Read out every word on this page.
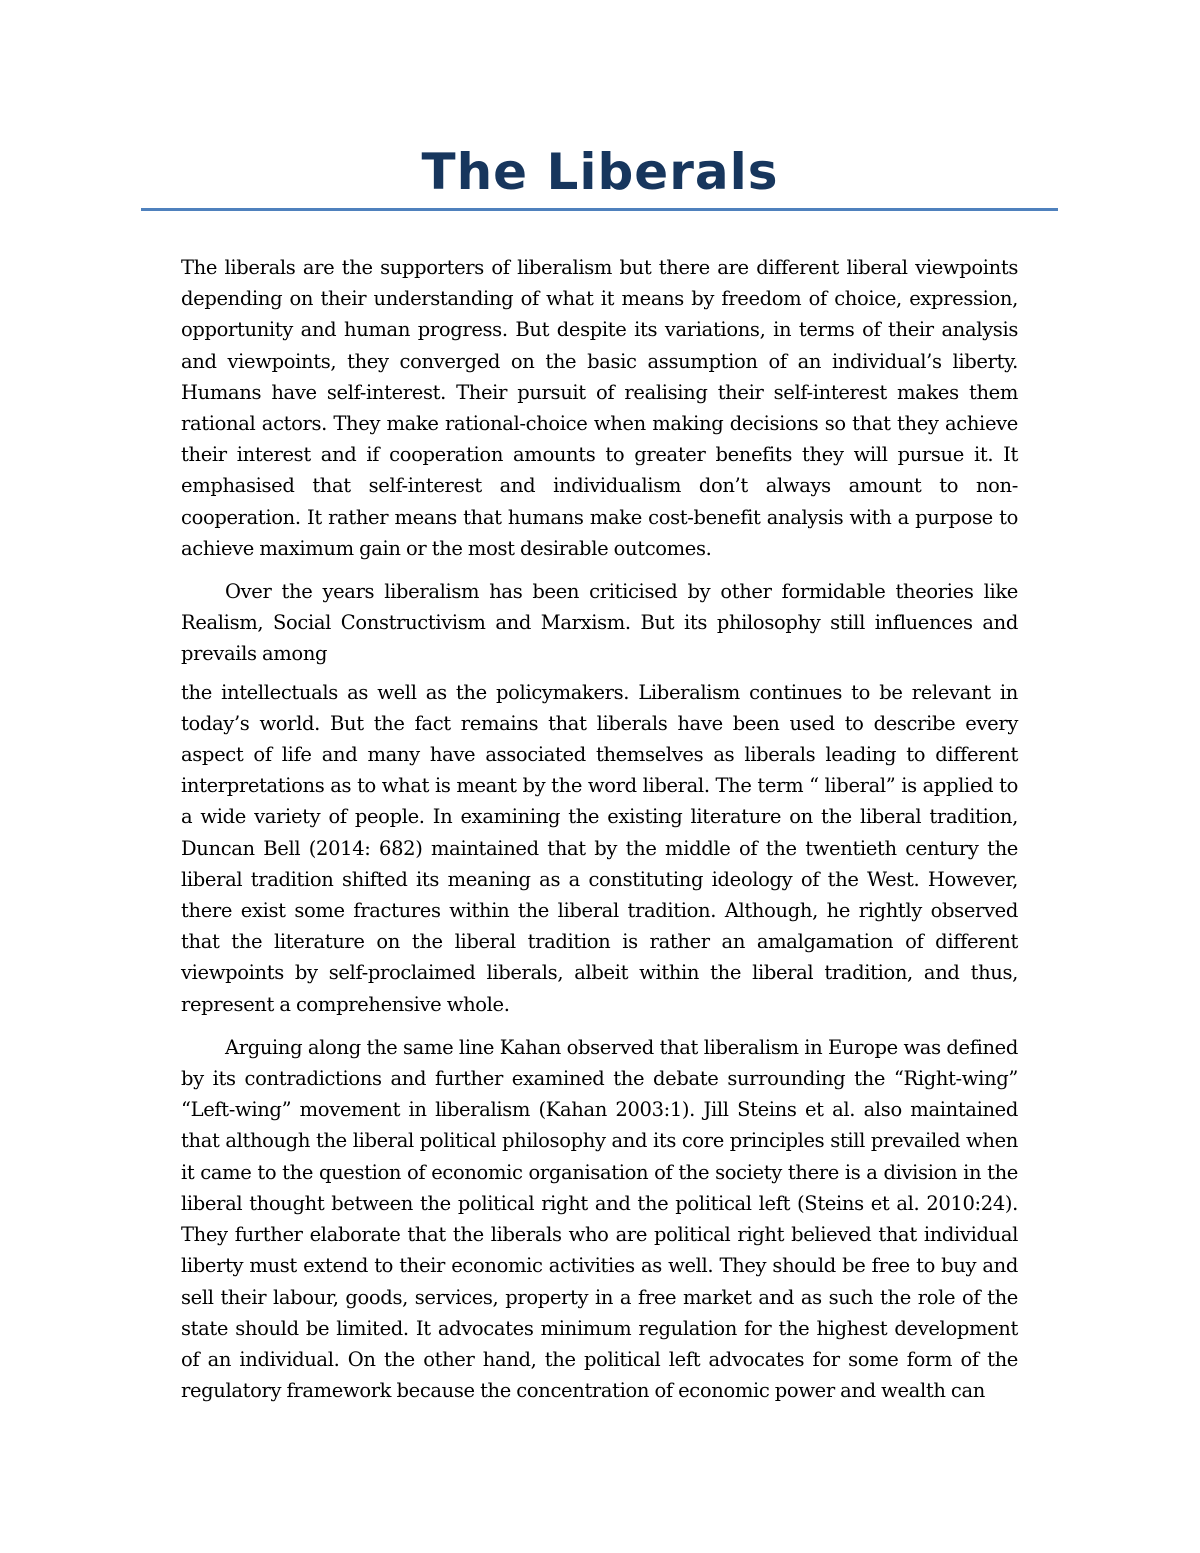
The Liberals

The liberals are the supporters of liberalism but there are different liberal viewpoints depending on their understanding of what it means by freedom of choice, expression, opportunity and human progress. But despite its variations, in terms of their analysis and viewpoints, they converged on the basic assumption of an individual’s liberty. Humans have self-interest. Their pursuit of realising their self-interest makes them rational actors. They make rational-choice when making decisions so that they achieve their interest and if cooperation amounts to greater benefits they will pursue it. It emphasised that self-interest and individualism don’t always amount to non-cooperation. It rather means that humans make cost-benefit analysis with a purpose to achieve maximum gain or the most desirable outcomes.

Over the years liberalism has been criticised by other formidable theories like Realism, Social Constructivism and Marxism. But its philosophy still influences and prevails among

the intellectuals as well as the policymakers. Liberalism continues to be relevant in today’s world. But the fact remains that liberals have been used to describe every aspect of life and many have associated themselves as liberals leading to different interpretations as to what is meant by the word liberal. The term “ liberal” is applied to a wide variety of people. In examining the existing literature on the liberal tradition, Duncan Bell (2014: 682) maintained that by the middle of the twentieth century the liberal tradition shifted its meaning as a constituting ideology of the West. However, there exist some fractures within the liberal tradition. Although, he rightly observed that the literature on the liberal tradition is rather an amalgamation of different viewpoints by self-proclaimed liberals, albeit within the liberal tradition, and thus, represent a comprehensive whole.

Arguing along the same line Kahan observed that liberalism in Europe was defined by its contradictions and further examined the debate surrounding the “Right-wing” “Left-wing” movement in liberalism (Kahan 2003:1). Jill Steins et al. also maintained that although the liberal political philosophy and its core principles still prevailed when it came to the question of economic organisation of the society there is a division in the liberal thought between the political right and the political left (Steins et al. 2010:24). They further elaborate that the liberals who are political right believed that individual liberty must extend to their economic activities as well. They should be free to buy and sell their labour, goods, services, property in a free market and as such the role of the state should be limited. It advocates minimum regulation for the highest development of an individual. On the other hand, the political left advocates for some form of the regulatory framework because the concentration of economic power and wealth can
